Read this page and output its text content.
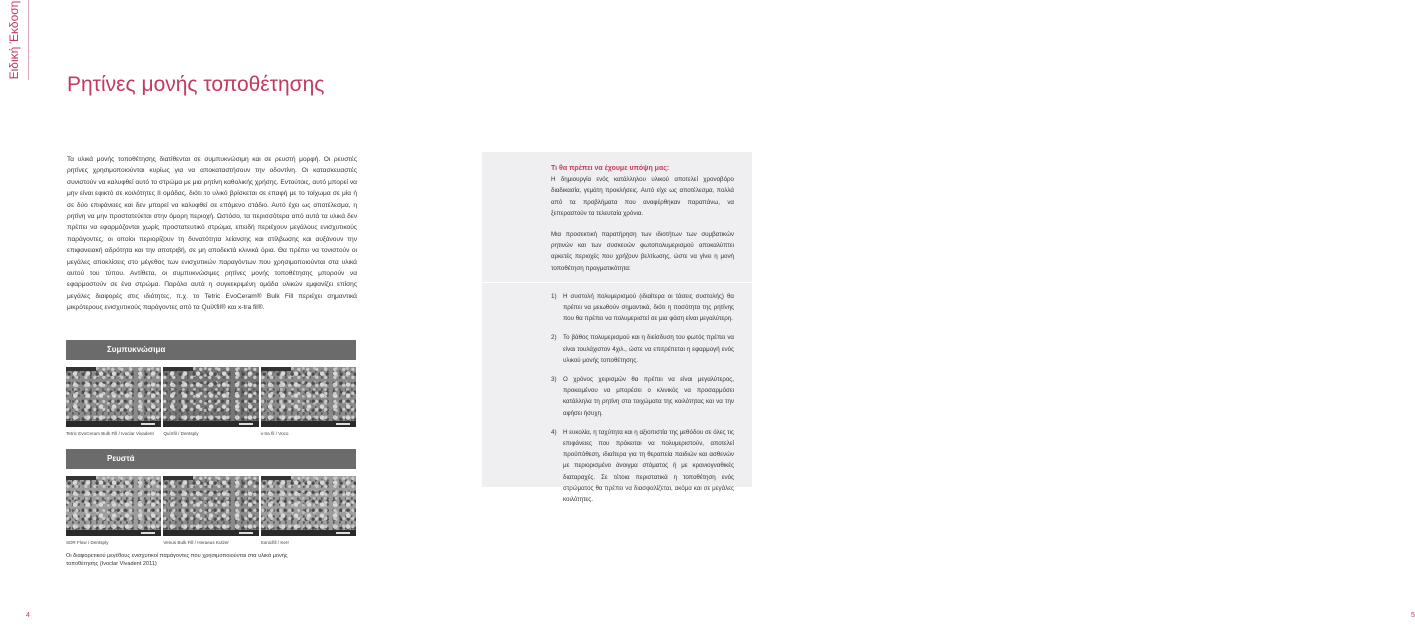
Ειδική Έκδοση
Ρητίνες μονής τοποθέτησης

Τα υλικά μονής τοποθέτησης διατίθενται σε συμπυκνώσιμη και σε ρευστή μορφή. Οι ρευστές ρητίνες χρησιμοποιούνται κυρίως για να αποκαταστήσουν την οδοντίνη. Οι κατασκευαστές συνιστούν να καλυφθεί αυτό το στρώμα με μια ρητίνη καθολικής χρήσης. Εντούτοις, αυτό μπορεί να μην είναι εφικτό σε κοιλότητες ΙΙ ομάδας, διότι το υλικό βρίσκεται σε επαφή με το τοίχωμα σε μία ή σε δύο επιφάνειες και δεν μπορεί να καλυφθεί σε επόμενο στάδιο. Αυτό έχει ως αποτέλεσμα, η ρητίνη να μην προστατεύεται στην όμορη περιοχή. Ωστόσο, τα περισσότερα από αυτά τα υλικά δεν πρέπει να εφαρμόζονται χωρίς προστατευτικό στρώμα, επειδή περιέχουν μεγάλους ενισχυτικούς παράγοντες, οι οποίοι περιορίζουν τη δυνατότητα λείανσης και στίλβωσης και αυξάνουν την επιφανειακή αδρότητα και την αποτριβή, σε μη αποδεκτά κλινικά όρια. Θα πρέπει να τονιστούν οι μεγάλες αποκλίσεις στο μέγεθος των ενισχυτικών παραγόντων που χρησιμοποιούνται στα υλικά αυτού του τύπου. Αντίθετα, οι συμπυκνώσιμες ρητίνες μονής τοποθέτησης μπορούν να εφαρμοστούν σε ένα στρώμα. Παρόλα αυτά η συγκεκριμένη ομάδα υλικών εμφανίζει επίσης μεγάλες διαφορές στις ιδιότητες, π.χ. το Tetric EvoCeram® Bulk Fill περιέχει σημαντικά μικρότερους ενισχυτικούς παράγοντες από τα QuiXfil® και x-tra fil®.

Συμπυκνώσιμα
Tetric EvoCeram Bulk Fill / Ivoclar Vivadent	QuiXfil / Dentsply	x-tra fil / Voco
Ρευστά
SDR Flow / Dentsply	Venus Bulk Fill / Heraeus Kulzer	Sonicfill / Kerr
Οι διαφορετικού μεγέθους ενισχυτικοί παράγοντες που χρησιμοποιούνται στα υλικά μονής τοποθέτησης (Ivoclar Vivadent 2011)
4	5
Τι θα πρέπει να έχουμε υπόψη μας:

Η δημιουργία ενός κατάλληλου υλικού αποτελεί χρονοβόρο διαδικασία, γεμάτη προκλήσεις. Αυτό είχε ως αποτέλεσμα, πολλά από τα προβλήματα που αναφέρθηκαν παραπάνω, να ξεπεραστούν τα τελευταία χρόνια.

Μια προσεκτική παρατήρηση των ιδιοτήτων των συμβατικών ρητινών και των συσκευών φωτοπολυμερισμού αποκαλύπτει αρκετές περιοχές που χρήζουν βελτίωσης, ώστε να γίνει η μονή τοποθέτηση πραγματικότητα:

1) Η συστολή πολυμερισμού (ιδιαίτερα οι τάσεις συστολής) θα πρέπει να μειωθούν σημαντικά, διότι η ποσότητα της ρητίνης που θα πρέπει να πολυμεριστεί σε μια φάση είναι μεγαλύτερη.
2) Το βάθος πολυμερισμού και η διείσδυση του φωτός πρέπει να είναι τουλάχιστον 4χιλ., ώστε να επιτρέπεται η εφαρμογή ενός υλικού μονής τοποθέτησης.
3) Ο χρόνος χειρισμών θα πρέπει να είναι μεγαλύτερος, προκειμένου να μπορέσει ο κλινικός να προσαρμόσει κατάλληλα τη ρητίνη στα τοιχώματα της κοιλότητας και να την αφήσει ήσυχη.
4) Η ευκολία, η ταχύτητα και η αξιοπιστία της μεθόδου σε όλες τις επιφάνειες που πρόκειται να πολυμεριστούν, αποτελεί προϋπόθεση, ιδιαίτερα για τη θεραπεία παιδιών και ασθενών με περιορισμένο άνοιγμα στόματος ή με κρανιογναθικές διαταραχές. Σε τέτοια περιστατικά η τοποθέτηση ενός στρώματος θα πρέπει να διασφαλίζεται, ακόμα και σε μεγάλες κοιλότητες.
